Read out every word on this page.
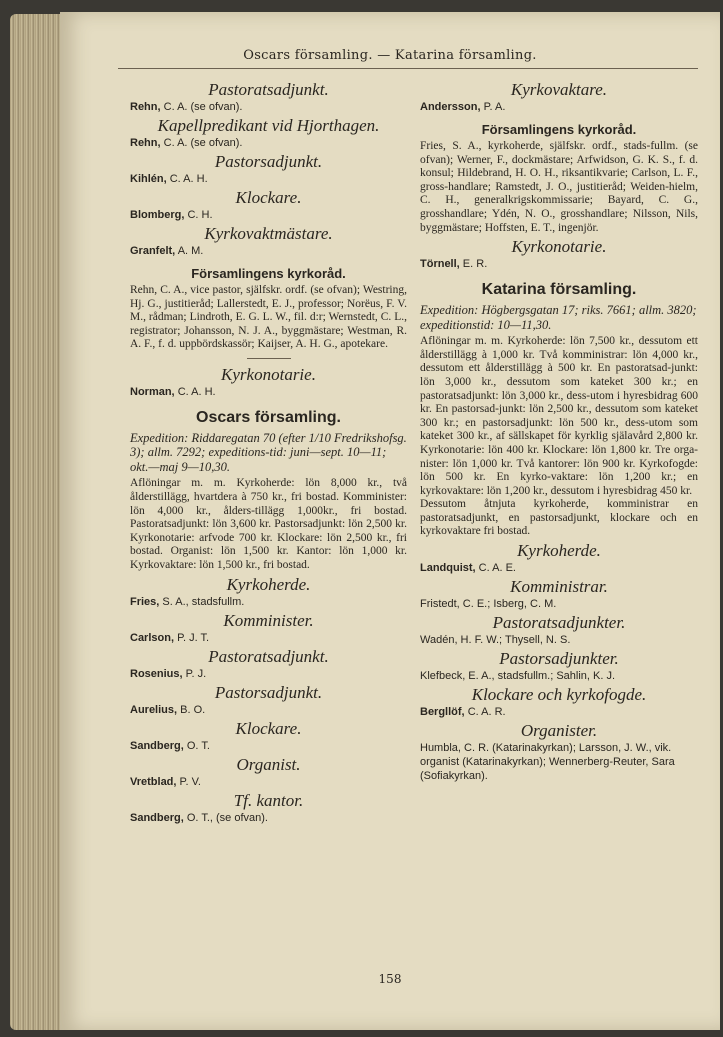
Oscars församling. — Katarina församling.
Pastoratsadjunkt.
Rehn, C. A. (se ofvan).
Kapellpredikant vid Hjorthagen.
Rehn, C. A. (se ofvan).
Pastorsadjunkt.
Kihlén, C. A. H.
Klockare.
Blomberg, C. H.
Kyrkovaktmästare.
Granfelt, A. M.
Församlingens kyrkoråd.

Rehn, C. A., vice pastor, själfskr. ordf. (se ofvan); Westring, Hj. G., justitieråd; Lallerstedt, E. J., professor; Norëus, F. V. M., rådman; Lindroth, E. G. L. W., fil. d:r; Wernstedt, C. L., registrator; Johansson, N. J. A., byggmästare; Westman, R. A. F., f. d. uppbördskassör; Kaijser, A. H. G., apotekare.

Kyrkonotarie.
Norman, C. A. H.
Oscars församling.

Expedition: Riddaregatan 70 (efter 1/10 Fredrikshofsg. 3); allm. 7292; expeditions-tid: juni—sept. 10—11; okt.—maj 9—10,30.

Aflöningar m. m. Kyrkoherde: lön 8,000 kr., två ålderstillägg, hvartdera à 750 kr., fri bostad. Komminister: lön 4,000 kr., ålders-tillägg 1,000kr., fri bostad. Pastoratsadjunkt: lön 3,600 kr. Pastorsadjunkt: lön 2,500 kr. Kyrkonotarie: arfvode 700 kr. Klockare: lön 2,500 kr., fri bostad. Organist: lön 1,500 kr. Kantor: lön 1,000 kr. Kyrkovaktare: lön 1,500 kr., fri bostad.

Kyrkoherde.
Fries, S. A., stadsfullm.
Komminister.
Carlson, P. J. T.
Pastoratsadjunkt.
Rosenius, P. J.
Pastorsadjunkt.
Aurelius, B. O.
Klockare.
Sandberg, O. T.
Organist.
Vretblad, P. V.
Tf. kantor.
Sandberg, O. T., (se ofvan).
Kyrkovaktare.
Andersson, P. A.
Församlingens kyrkoråd.

Fries, S. A., kyrkoherde, själfskr. ordf., stads-fullm. (se ofvan); Werner, F., dockmästare; Arfwidson, G. K. S., f. d. konsul; Hildebrand, H. O. H., riksantikvarie; Carlson, L. F., gross-handlare; Ramstedt, J. O., justitieråd; Weiden-hielm, C. H., generalkrigskommissarie; Bayard, C. G., grosshandlare; Ydén, N. O., grosshandlare; Nilsson, Nils, byggmästare; Hoffsten, E. T., ingenjör.

Kyrkonotarie.
Törnell, E. R.
Katarina församling.

Expedition: Högbergsgatan 17; riks. 7661; allm. 3820; expeditionstid: 10—11,30.

Aflöningar m. m. Kyrkoherde: lön 7,500 kr., dessutom ett ålderstillägg à 1,000 kr. Två komministrar: lön 4,000 kr., dessutom ett ålderstillägg à 500 kr. En pastoratsad-junkt: lön 3,000 kr., dessutom som kateket 300 kr.; en pastoratsadjunkt: lön 3,000 kr., dess-utom i hyresbidrag 600 kr. En pastorsad-junkt: lön 2,500 kr., dessutom som kateket 300 kr.; en pastorsadjunkt: lön 500 kr., dess-utom som kateket 300 kr., af sällskapet för kyrklig själavård 2,800 kr. Kyrkonotarie: lön 400 kr. Klockare: lön 1,800 kr. Tre orga-nister: lön 1,000 kr. Två kantorer: lön 900 kr. Kyrkofogde: lön 500 kr. En kyrko-vaktare: lön 1,200 kr.; en kyrkovaktare: lön 1,200 kr., dessutom i hyresbidrag 450 kr.

Dessutom åtnjuta kyrkoherde, komministrar en pastoratsadjunkt, en pastorsadjunkt, klockare och en kyrkovaktare fri bostad.

Kyrkoherde.
Landquist, C. A. E.
Komministrar.
Fristedt, C. E.; Isberg, C. M.
Pastoratsadjunkter.
Wadén, H. F. W.; Thysell, N. S.
Pastorsadjunkter.
Klefbeck, E. A., stadsfullm.; Sahlin, K. J.
Klockare och kyrkofogde.
Bergllöf, C. A. R.
Organister.
Humbla, C. R. (Katarinakyrkan); Larsson, J. W., vik. organist (Katarinakyrkan); Wennerberg-Reuter, Sara (Sofiakyrkan).
158
